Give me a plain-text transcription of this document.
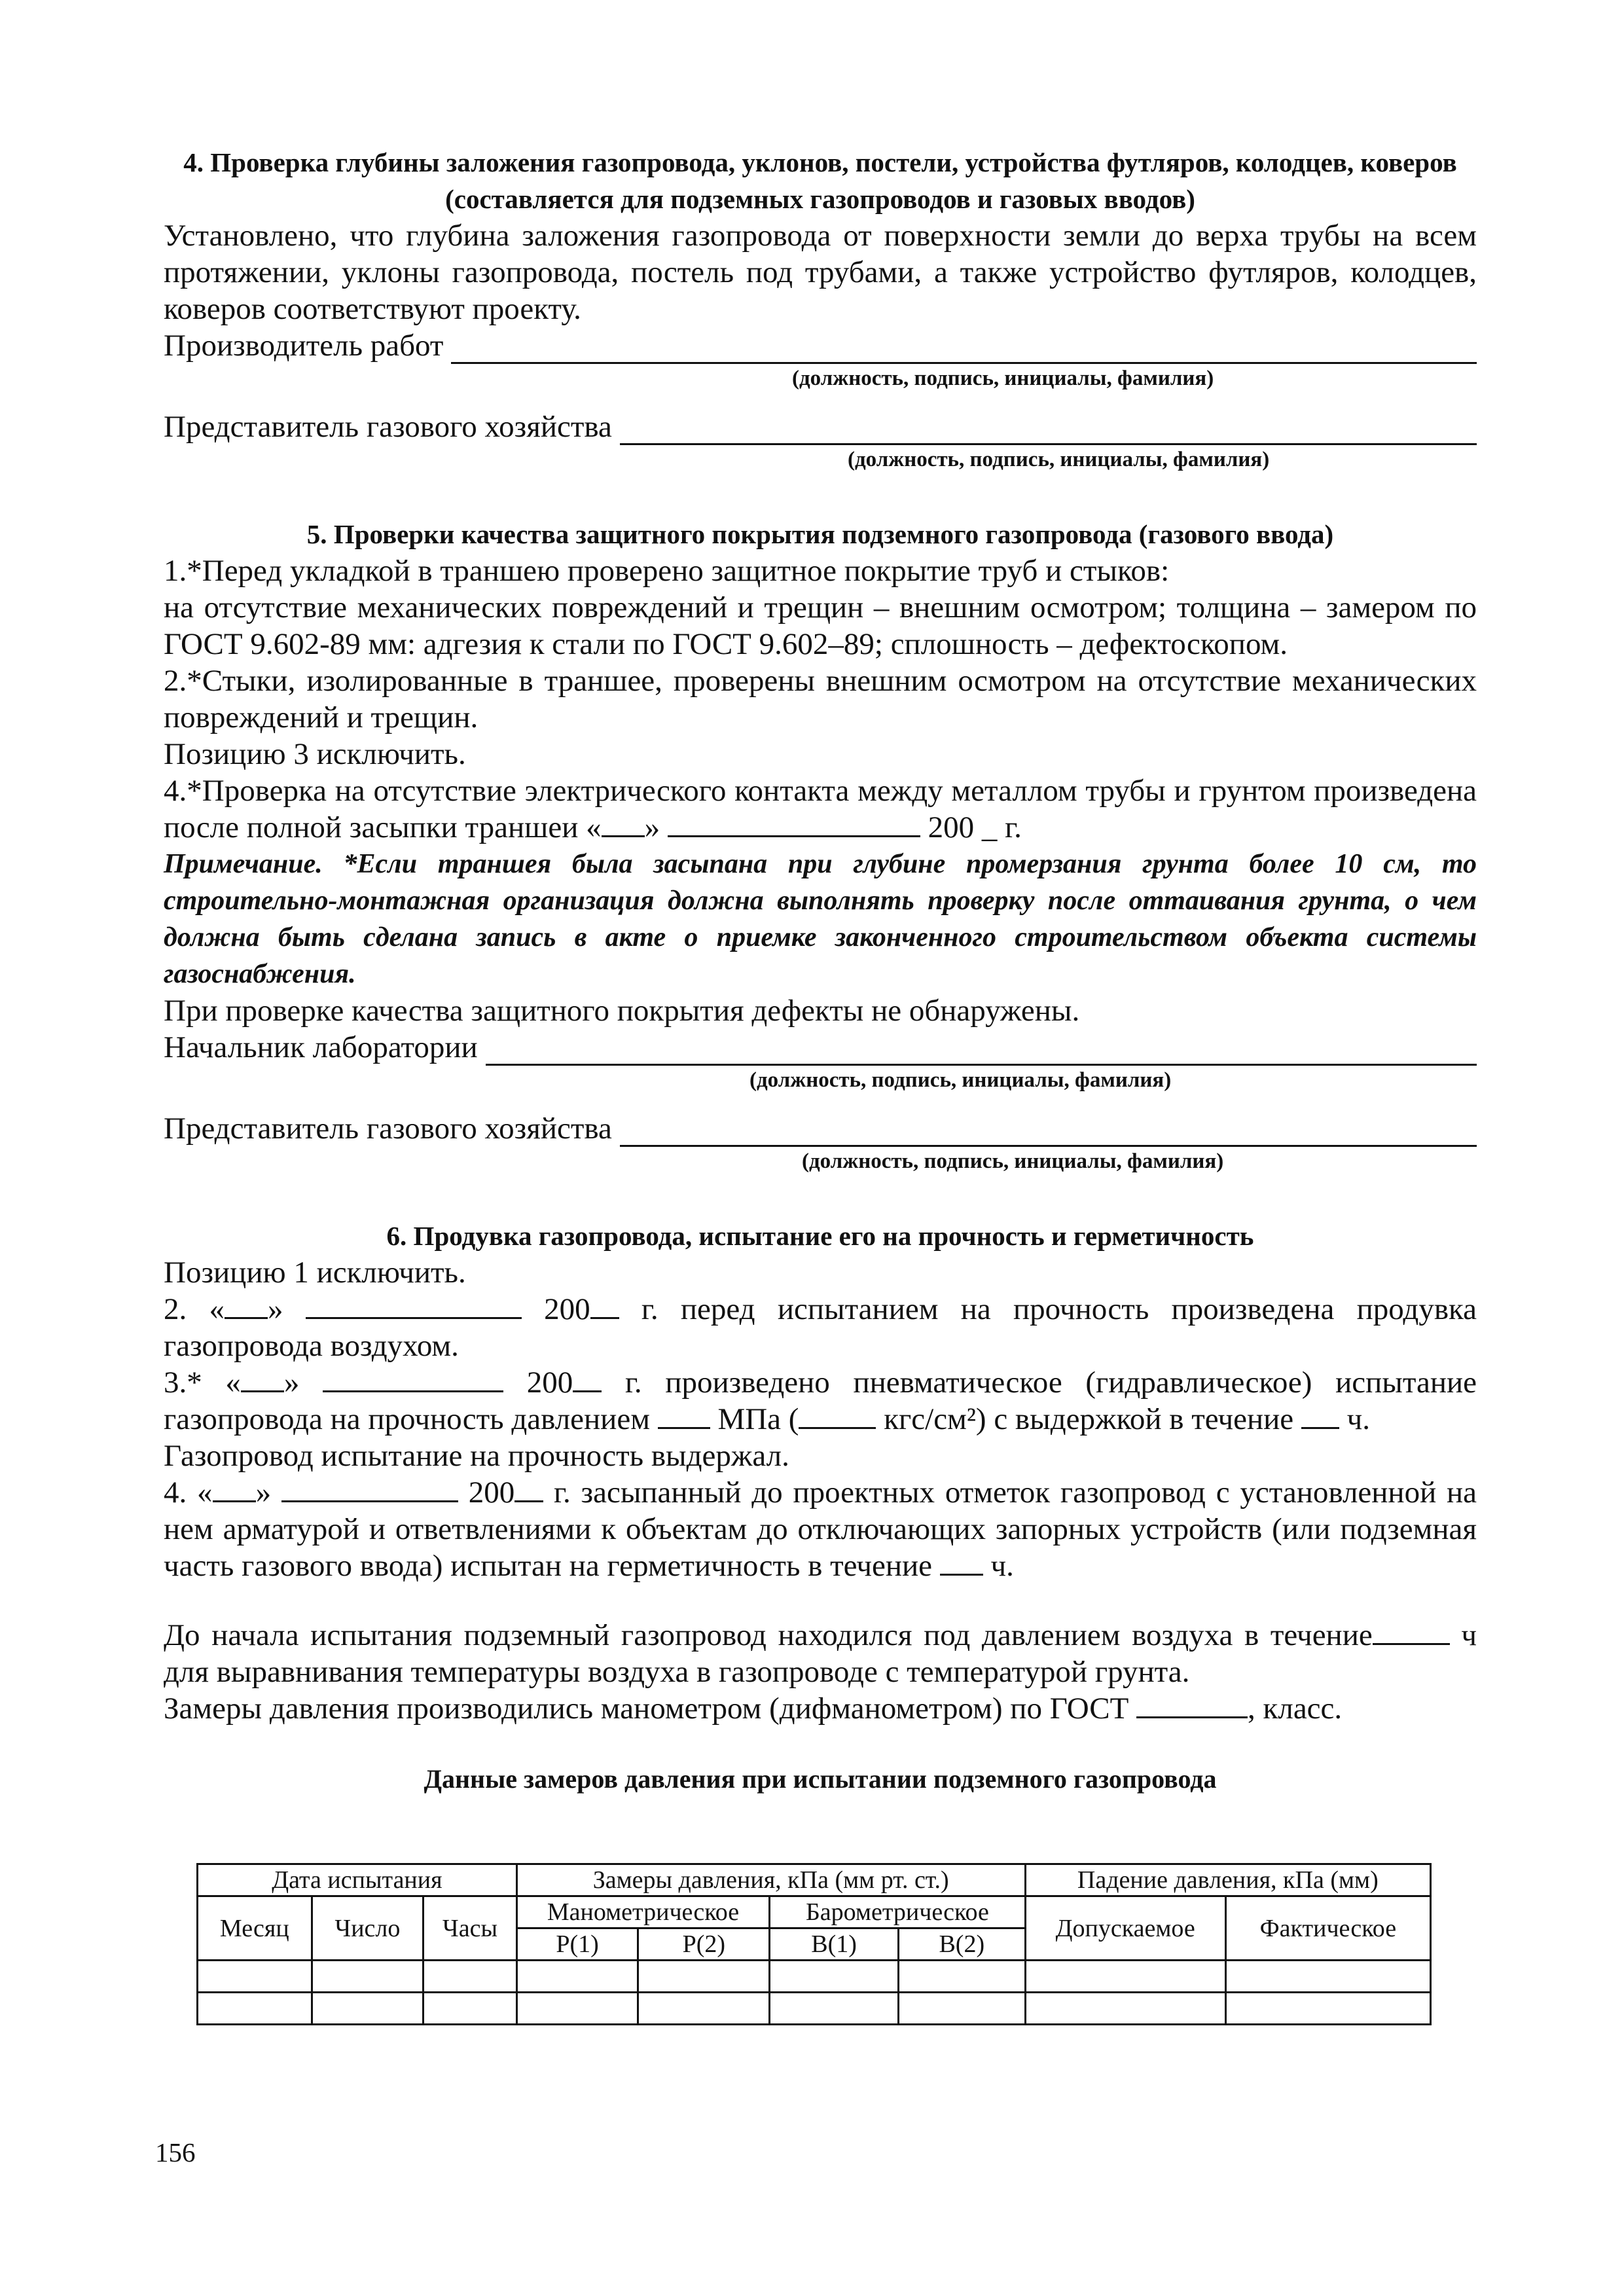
4. Проверка глубины заложения газопровода, уклонов, постели, устройства футляров, колодцев, коверов (составляется для подземных газопроводов и газовых вводов)

Установлено, что глубина заложения газопровода от поверхности земли до верха трубы на всем протяжении, уклоны газопровода, постель под трубами, а также устройство футляров, колодцев, коверов соответствуют проекту.

Производитель работ

(должность, подпись, инициалы, фамилия)

Представитель газового хозяйства

(должность, подпись, инициалы, фамилия)

5. Проверки качества защитного покрытия подземного газопровода (газового ввода)

1.*Перед укладкой в траншею проверено защитное покрытие труб и стыков:

на отсутствие механических повреждений и трещин – внешним осмотром; толщина – замером по ГОСТ 9.602-89 мм: адгезия к стали по ГОСТ 9.602–89; сплошность – дефектоскопом.

2.*Стыки, изолированные в траншее, проверены внешним осмотром на отсутствие механических повреждений и трещин.

Позицию 3 исключить.

4.*Проверка на отсутствие электрического контакта между металлом трубы и грунтом произведена после полной засыпки траншеи « »	200 _ г.

Примечание. *Если траншея была засыпана при глубине промерзания грунта более 10 см, то строительно-монтажная организация должна выполнять проверку после оттаивания грунта, о чем должна быть сделана запись в акте о приемке законченного строительством объекта системы газоснабжения.

При проверке качества защитного покрытия дефекты не обнаружены.

Начальник лаборатории

(должность, подпись, инициалы, фамилия)

Представитель газового хозяйства

(должность, подпись, инициалы, фамилия)

6. Продувка газопровода, испытание его на прочность и герметичность

Позицию 1 исключить.

2. « »	200 г. перед испытанием на прочность произведена продувка газопровода воздухом.

3.* « »	200 г. произведено пневматическое (гидравлическое) испытание газопровода на прочность давлением МПа (	кгс/см²) с выдержкой в течение ч.

Газопровод испытание на прочность выдержал.

4. « »	200 г. засыпанный до проектных отметок газопровод с установленной на нем арматурой и ответвлениями к объектам до отключающих запорных устройств (или подземная часть газового ввода) испытан на герметичность в течение ч.

До начала испытания подземный газопровод находился под давлением воздуха в течение	ч для выравнивания температуры воздуха в газопроводе с температурой грунта.

Замеры давления производились манометром (дифманометром) по ГОСТ	, класс.

Данные замеров давления при испытании подземного газопровода

Дата испытания			Замеры давления, кПа (мм рт. ст.)				Падение давления, кПа (мм)	
Месяц	Число	Часы	Манометрическое		Барометрическое		Допускаемое	Фактическое
			P(1)	P(2)	B(1)	B(2)		

156
